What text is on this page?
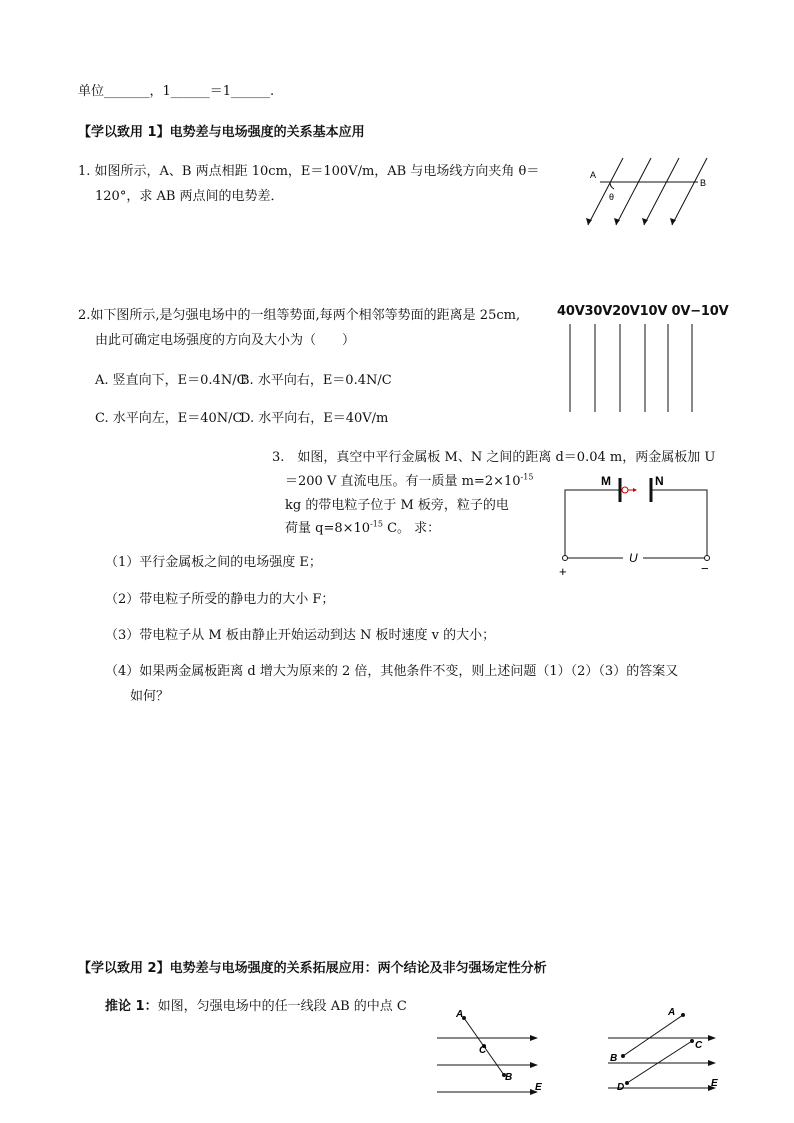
单位_______，1______＝1______.
【学以致用 1】电势差与电场强度的关系基本应用
1. 如图所示，A、B 两点相距 10cm，E＝100V/m，AB 与电场线方向夹角 θ＝
120°，求 AB 两点间的电势差．
A
B
θ
2.如下图所示,是匀强电场中的一组等势面,每两个相邻等势面的距离是 25cm,
由此可确定电场强度的方向及大小为（　　）
A. 竖直向下，E＝0.4N/C
B. 水平向右，E＝0.4N/C
C. 水平向左，E＝40N/C
D. 水平向右，E＝40V/m
40V30V20V10V 0V−10V
3.　如图，真空中平行金属板 M、N 之间的距离 d＝0.04 m，两金属板加 U
＝200 V 直流电压。有一质量 $m=2\times 10^{-15}$
kg 的带电粒子位于 M 板旁，粒子的电
荷量 $q=8\times 10^{-15}$ C。 求：
M	N
U
+	−
（1）平行金属板之间的电场强度 E；
（2）带电粒子所受的静电力的大小 F；
（3）带电粒子从 M 板由静止开始运动到达 N 板时速度 v 的大小；
（4）如果两金属板距离 d 增大为原来的 2 倍，其他条件不变，则上述问题（1）（2）（3）的答案又
如何？
【学以致用 2】电势差与电场强度的关系拓展应用：两个结论及非匀强场定性分析
推论 1：如图，匀强电场中的任一线段 AB 的中点 C
A
C
B
E
A
B
C
D	E
